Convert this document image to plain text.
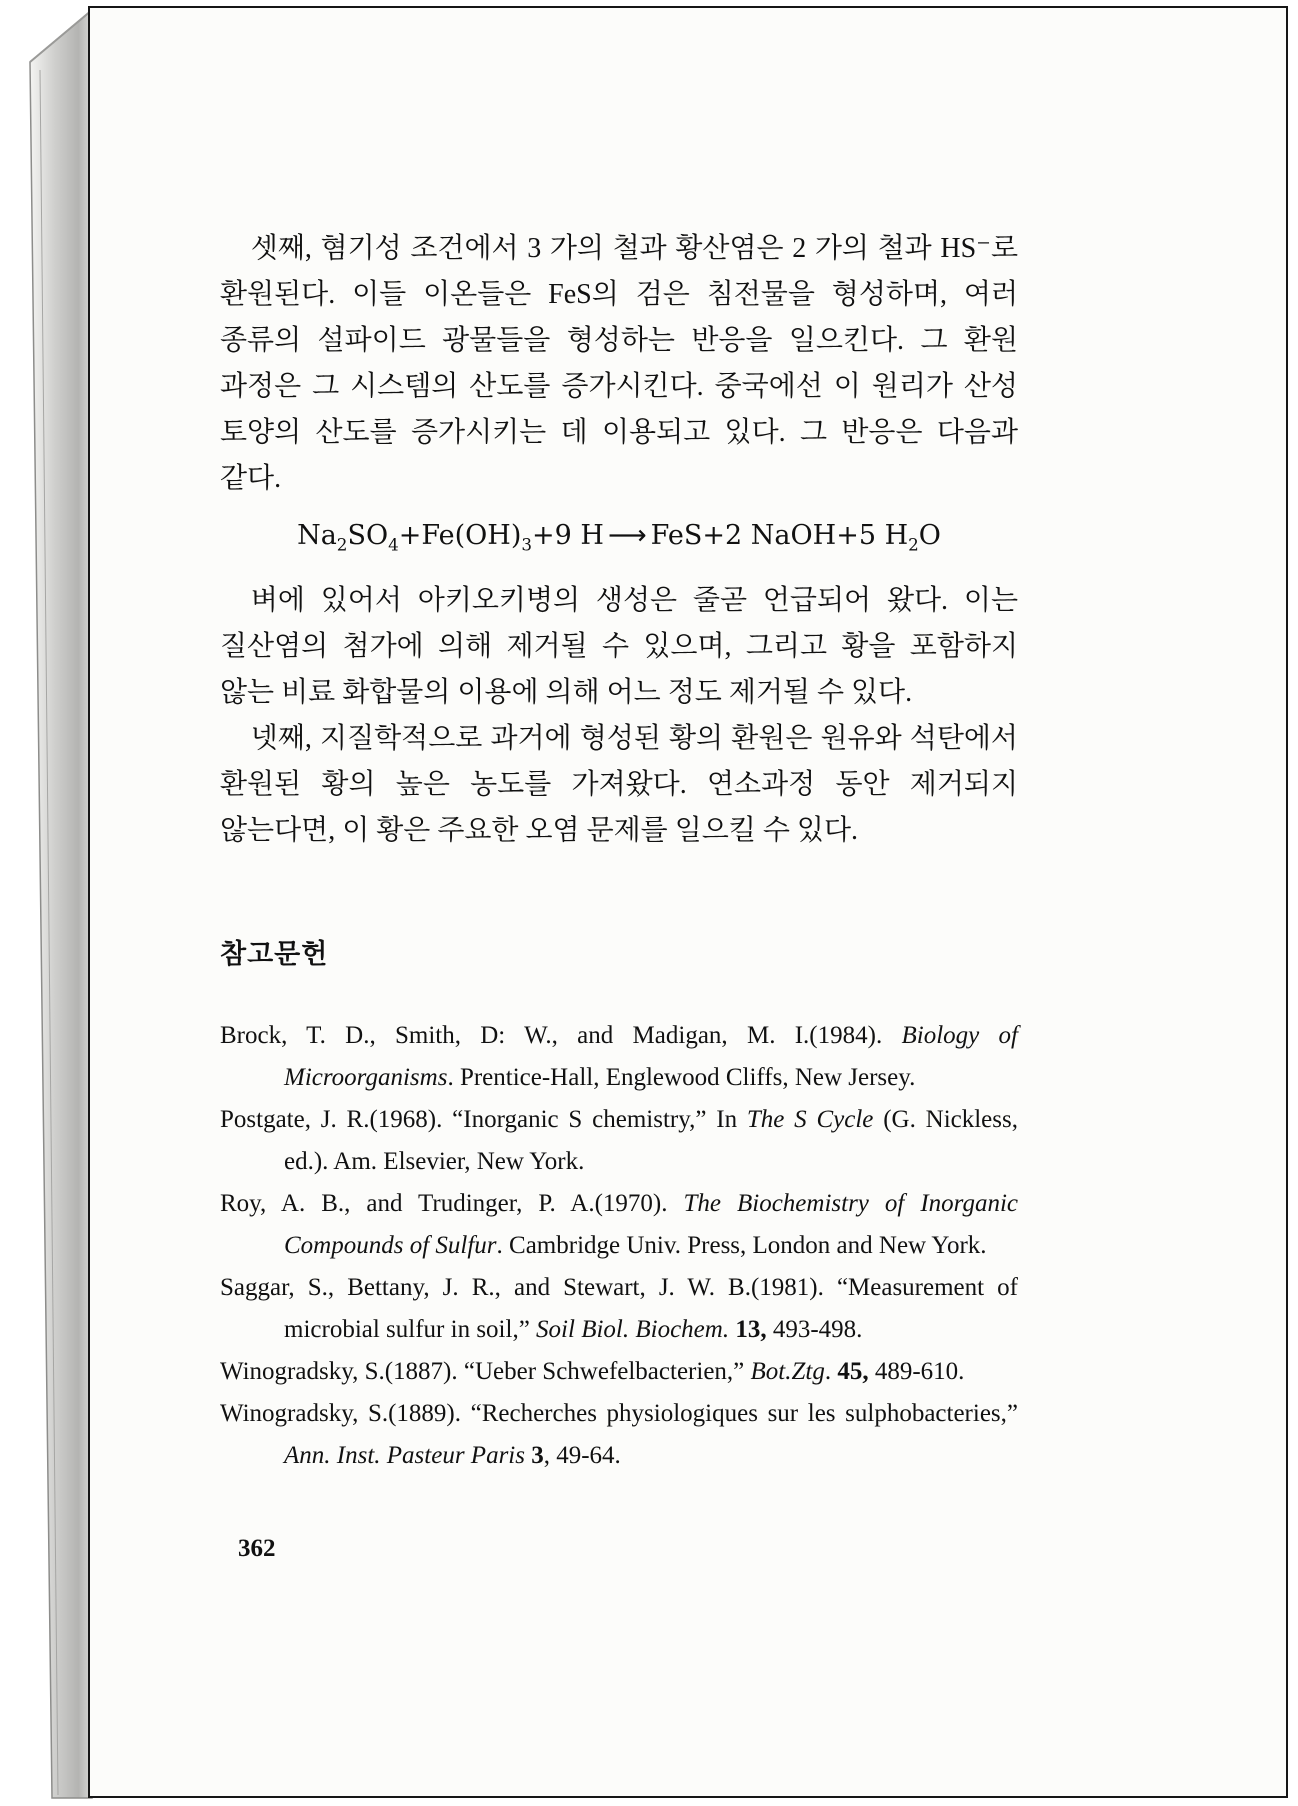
셋째, 혐기성 조건에서 3 가의 철과 황산염은 2 가의 철과 HS⁻로 환원된다. 이들 이온들은 FeS의 검은 침전물을 형성하며, 여러 종류의 설파이드 광물들을 형성하는 반응을 일으킨다. 그 환원 과정은 그 시스템의 산도를 증가시킨다. 중국에선 이 원리가 산성 토양의 산도를 증가시키는 데 이용되고 있다. 그 반응은 다음과 같다.

$Na_2SO_4+Fe(OH)_3+9$ H ⟶ FeS+2 NaOH+5 $H_2O$

벼에 있어서 아키오키병의 생성은 줄곧 언급되어 왔다. 이는 질산염의 첨가에 의해 제거될 수 있으며, 그리고 황을 포함하지 않는 비료 화합물의 이용에 의해 어느 정도 제거될 수 있다.

넷째, 지질학적으로 과거에 형성된 황의 환원은 원유와 석탄에서 환원된 황의 높은 농도를 가져왔다. 연소과정 동안 제거되지 않는다면, 이 황은 주요한 오염 문제를 일으킬 수 있다.

참고문헌
Brock, T. D., Smith, D: W., and Madigan, M. I.(1984). Biology of Microorganisms. Prentice-Hall, Englewood Cliffs, New Jersey.
Postgate, J. R.(1968). “Inorganic S chemistry,” In The S Cycle (G. Nickless, ed.). Am. Elsevier, New York.
Roy, A. B., and Trudinger, P. A.(1970). The Biochemistry of Inorganic Compounds of Sulfur. Cambridge Univ. Press, London and New York.
Saggar, S., Bettany, J. R., and Stewart, J. W. B.(1981). “Measurement of microbial sulfur in soil,” Soil Biol. Biochem. 13, 493-498.
Winogradsky, S.(1887). “Ueber Schwefelbacterien,” Bot.Ztg. 45, 489-610.
Winogradsky, S.(1889). “Recherches physiologiques sur les sulphobacteries,” Ann. Inst. Pasteur Paris 3, 49-64.
362
